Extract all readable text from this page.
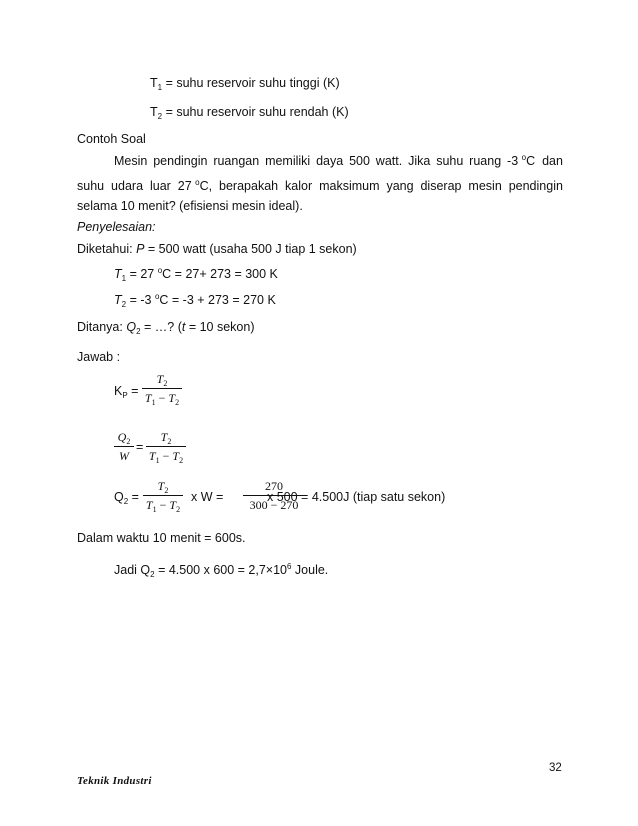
$T_1$ = suhu reservoir suhu tinggi (K)
$T_2$ = suhu reservoir suhu rendah (K)
Contoh Soal
Mesin pendingin ruangan memiliki daya 500 watt. Jika suhu ruang -3 $^o$C  dan
suhu udara luar 27 $^o$C, berapakah kalor maksimum yang diserap mesin pendingin
selama 10 menit? (efisiensi mesin ideal).
Penyelesaian:
Diketahui: P = 500 watt (usaha 500 J tiap 1 sekon)
$T_1 = 27$ $^o$C = 27+ 273 = 300 K
$T_2 = -3$ $^o$C = -3 + 273 = 270 K
Ditanya: $Q_2$ = …? (t = 10 sekon)
Jawab :
$K_P$ =
$T_2$
$T_1 - T_2$
$Q_2$
W
=
$T_2$
$T_1 - T_2$
$Q_2$ =
$T_2$
$T_1 - T_2$
x W =
270
300 − 270
x 500 = 4.500J (tiap satu sekon)
Dalam waktu 10 menit = 600s.
Jadi $Q_2 = 4.500$ x $600 = 2,7\times 10^6$ Joule.
32
Teknik Industri
